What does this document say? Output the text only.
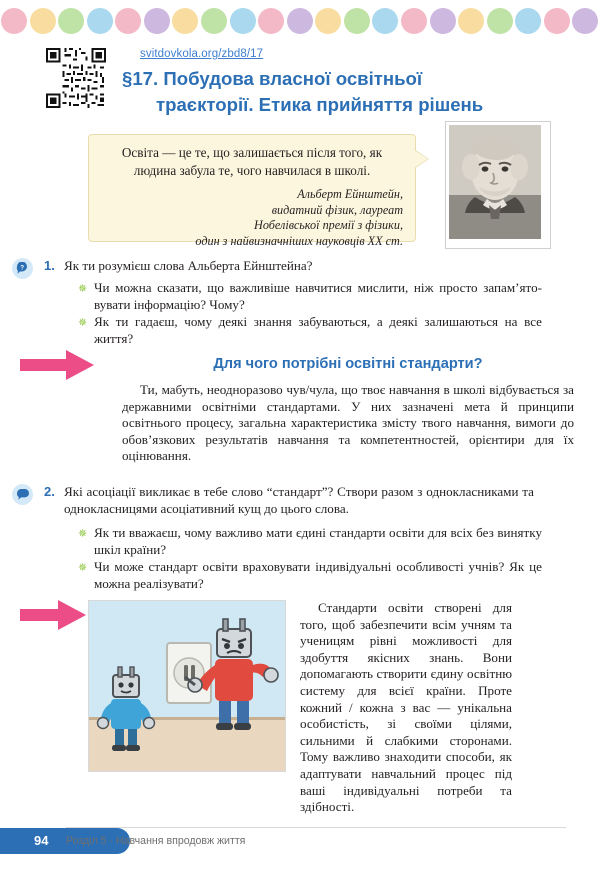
svitdovkola.org/zbd8/17
§17. Побудова власної освітньої
траєкторії. Етика прийняття рішень
Освіта — це те, що залишається після того, як людина забула те, чого навчилася в школі.
Альберт Ейнштейн,
видатний фізик, лауреат
Нобелівської премії з фізики,
один з найвизначніших науковців ХХ ст.
? 1. Як ти розумієш слова Альберта Ейнштейна?
✵ Чи можна сказати, що важливіше навчитися мислити, ніж просто запам’ятовувати інформацію? Чому?
✵ Як ти гадаєш, чому деякі знання забуваються, а деякі залишаються на все життя?
Для чого потрібні освітні стандарти?
Ти, мабуть, неодноразово чув/чула, що твоє навчання в школі відбувається за державними освітніми стандартами. У них зазначені мета й принципи освітнього процесу, загальна характеристика змісту твого навчання, вимоги до обов’язкових результатів навчання та компетентностей, орієнтири для їх оцінювання.
2. Які асоціації викликає в тебе слово “стандарт”? Створи разом з однокласниками та однокласницями асоціативний кущ до цього слова.
✵ Як ти вважаєш, чому важливо мати єдині стандарти освіти для всіх без винятку шкіл країни?
✵ Чи може стандарт освіти враховувати індивідуальні особливості учнів? Як це можна реалізувати?
Стандарти освіти створені для того, щоб забезпечити всім учням та ученицям рівні можливості для здобуття якісних знань. Вони допомагають створити єдину освітню систему для всієї країни. Проте кожний / кожна з вас — унікальна особистість, зі своїми цілями, сильними й слабкими сторонами. Тому важливо знаходити способи, як адаптувати навчальний процес під ваші індивідуальні потреби та здібності.
94 Розділ 5 · Навчання впродовж життя
